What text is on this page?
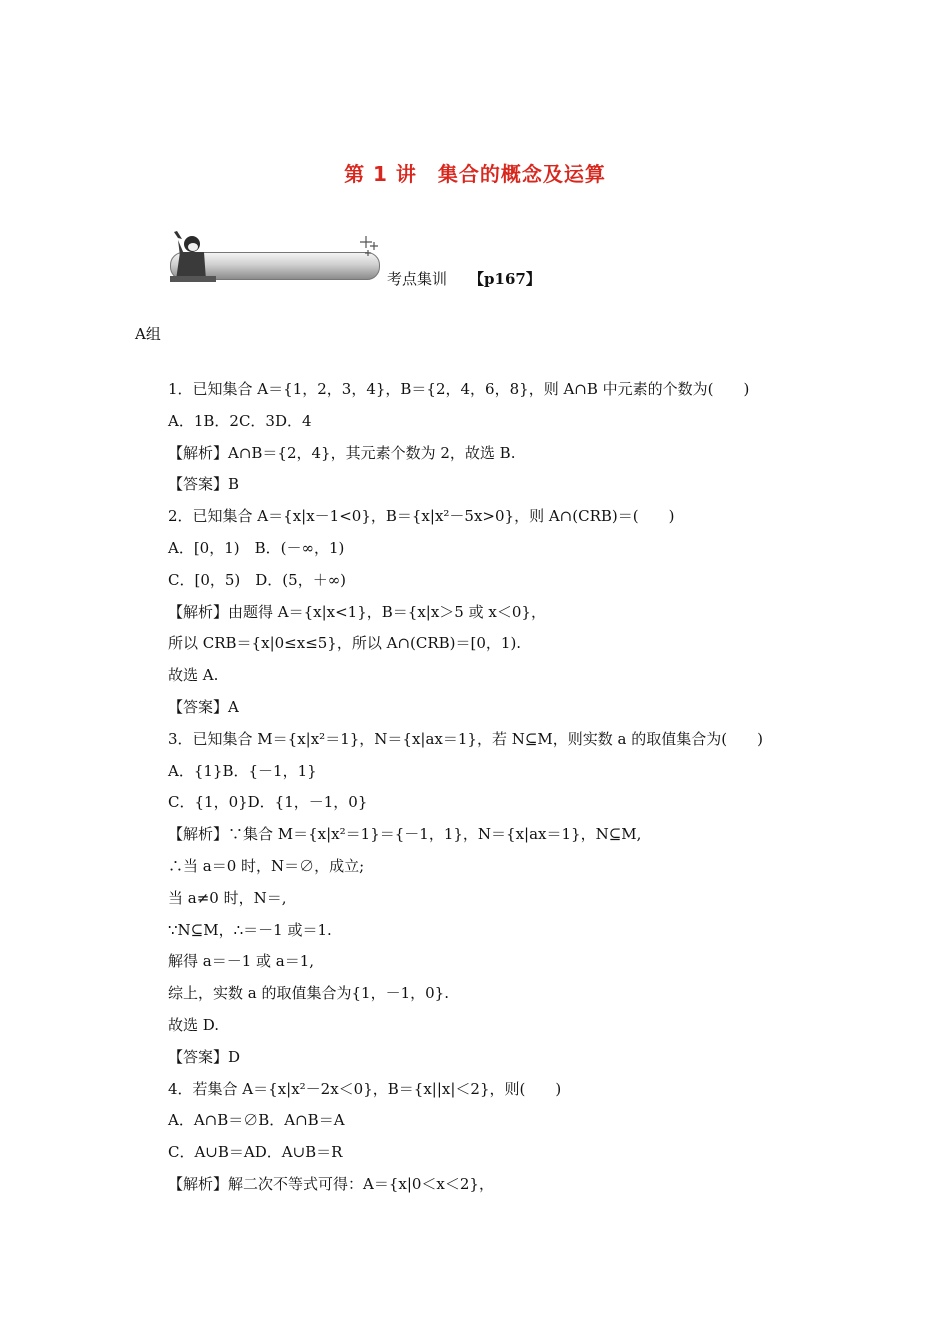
第 1 讲　集合的概念及运算
考点集训 【p167】
A组
1．已知集合 A＝{1，2，3，4}，B＝{2，4，6，8}，则 A∩B 中元素的个数为(　　)
A．1B．2C．3D．4
【解析】A∩B＝{2，4}，其元素个数为 2，故选 B.
【答案】B
2．已知集合 A＝{x|x－1<0}，B＝{x|x²－5x>0}，则 A∩(CRB)＝(　　)
A．[0，1)　B．(－∞，1)
C．[0，5)　D．(5，＋∞)
【解析】由题得 A＝{x|x<1}，B＝{x|x＞5 或 x＜0}，
所以 CRB＝{x|0≤x≤5}，所以 A∩(CRB)＝[0，1).
故选 A.
【答案】A
3．已知集合 M＝{x|x²＝1}，N＝{x|ax＝1}，若 N⊆M，则实数 a 的取值集合为(　　)
A．{1}B．{－1，1}
C．{1，0}D．{1，－1，0}
【解析】∵集合 M＝{x|x²＝1}＝{－1，1}，N＝{x|ax＝1}，N⊆M,
∴当 a＝0 时，N＝∅，成立;
当 a≠0 时，N＝,
∵N⊆M，∴＝－1 或＝1.
解得 a＝－1 或 a＝1,
综上，实数 a 的取值集合为{1，－1，0}.
故选 D.
【答案】D
4．若集合 A＝{x|x²－2x＜0}，B＝{x||x|＜2}，则(　　)
A．A∩B＝∅B．A∩B＝A
C．A∪B＝AD．A∪B＝R
【解析】解二次不等式可得：A＝{x|0＜x＜2}，
